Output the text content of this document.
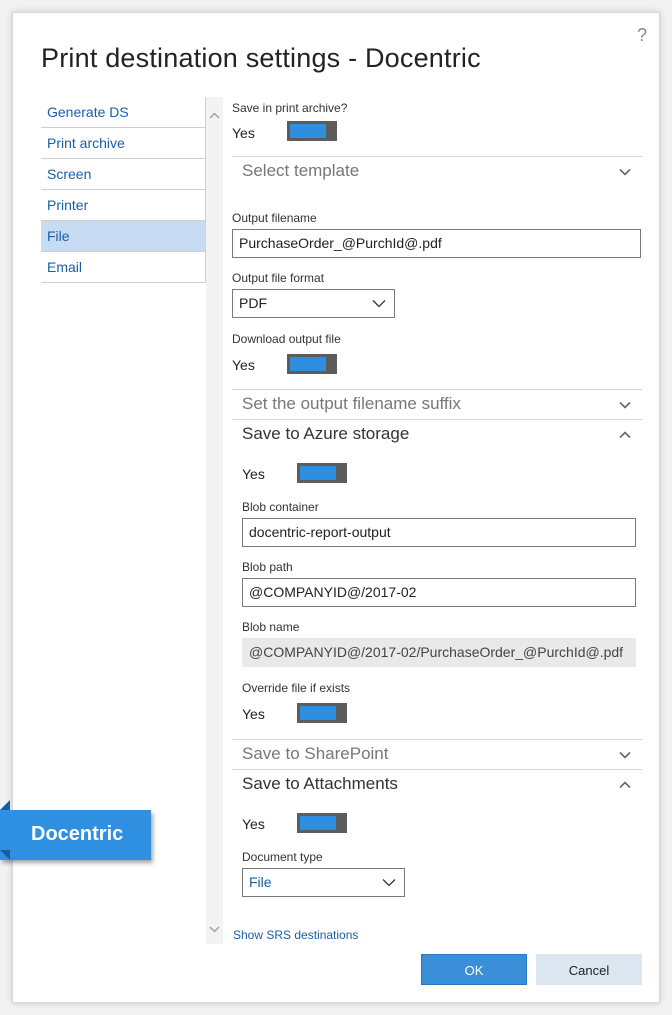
?
Print destination settings - Docentric
Generate DS
Print archive
Screen
Printer
File
Email
Save in print archive?
Yes
Select template
Output filename
PurchaseOrder_@PurchId@.pdf
Output file format
PDF
Download output file
Yes
Set the output filename suffix
Save to Azure storage
Yes
Blob container
docentric-report-output
Blob path
@COMPANYID@/2017-02
Blob name
@COMPANYID@/2017-02/PurchaseOrder_@PurchId@.pdf
Override file if exists
Yes
Save to SharePoint
Save to Attachments
Yes
Document type
File
Show SRS destinations
OK	Cancel
Docentric
